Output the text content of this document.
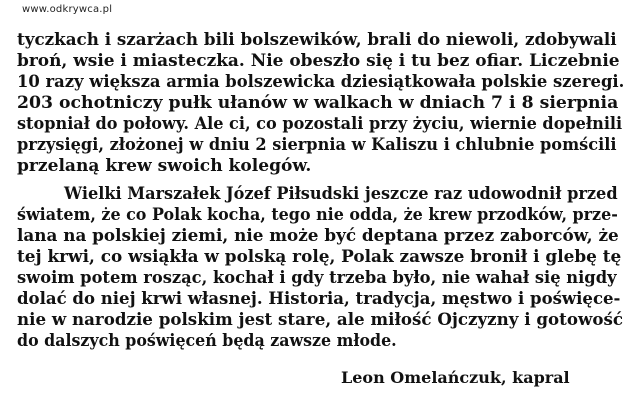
www.odkrywca.pl
tyczkach i szarżach bili bolszewików, brali do niewoli, zdobywali
broń, wsie i miasteczka. Nie obeszło się i tu bez ofiar. Liczebnie
10 razy większa armia bolszewicka dziesiątkowała polskie szeregi.
203 ochotniczy pułk ułanów w walkach w dniach 7 i 8 sierpnia
stopniał do połowy. Ale ci, co pozostali przy życiu, wiernie dopełnili
przysięgi, złożonej w dniu 2 sierpnia w Kaliszu i chlubnie pomścili
przelaną krew swoich kolegów.
Wielki Marszałek Józef Piłsudski jeszcze raz udowodnił przed
światem, że co Polak kocha, tego nie odda, że krew przodków, prze-
lana na polskiej ziemi, nie może być deptana przez zaborców, że
tej krwi, co wsiąkła w polską rolę, Polak zawsze bronił i glebę tę
swoim potem rosząc, kochał i gdy trzeba było, nie wahał się nigdy
dolać do niej krwi własnej. Historia, tradycja, męstwo i poświęce-
nie w narodzie polskim jest stare, ale miłość Ojczyzny i gotowość
do dalszych poświęceń będą zawsze młode.
Leon Omelańczuk, kapral
